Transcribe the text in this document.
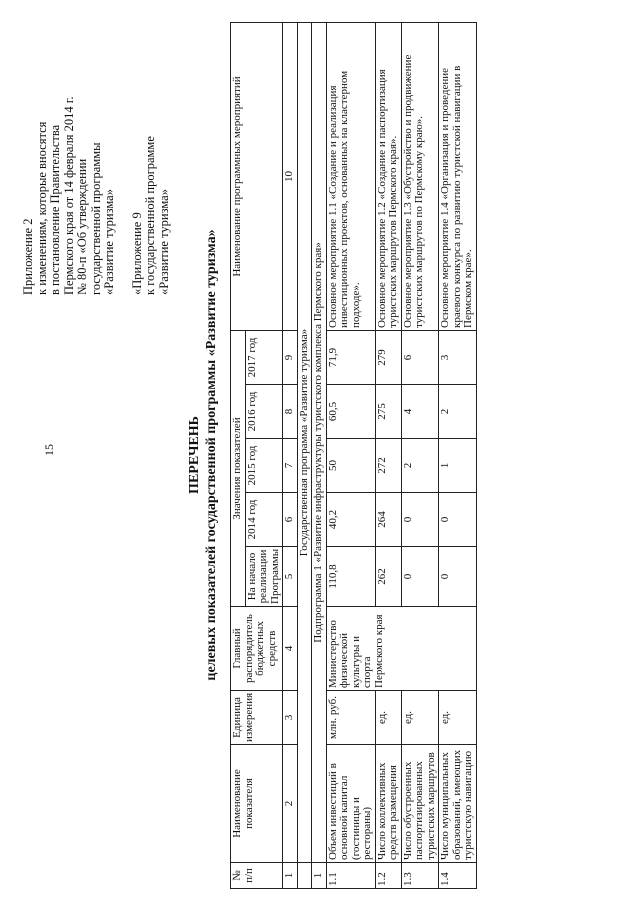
15
Приложение 2 к изменениям, которые вносятся в постановление Правительства Пермского края от 14 февраля 2014 г. № 80-п «Об утверждении государственной программы «Развитие туризма» «Приложение 9 к государственной программе «Развитие туризма»
ПЕРЕЧЕНЬ целевых показателей государственной программы «Развитие туризма»
№ п/п	Наименование показателя	Единица измерения	Главный распорядитель бюджетных средств	Значения показателей					Наименование программных мероприятий
				На начало реализации Программы	2014 год	2015 год	2016 год	2017 год	
1	2	3	4	5	6	7	8	9	10
	Государственная программа «Развитие туризма»								
1	Подпрограмма 1 «Развитие инфраструктуры туристского комплекса Пермского края»								
1.1	Объем инвестиций в основной капитал (гостиницы и рестораны)	млн. руб.	Министерство физической культуры и спорта Пермского края	110,8	40,2	50	60,5	71,9	Основное мероприятие 1.1 «Создание и реализация инвестиционных проектов, основанных на кластерном подходе».
1.2	Число коллективных средств размещения	ед.		262	264	272	275	279	Основное мероприятие 1.2 «Создание и паспортизация туристских маршрутов Пермского края».
1.3	Число обустроенных паспортизированных туристских маршрутов	ед.		0	0	2	4	6	Основное мероприятие 1.3 «Обустройство и продвижение туристских маршрутов по Пермскому краю».
1.4	Число муниципальных образований, имеющих туристскую навигацию	ед.		0	0	1	2	3	Основное мероприятие 1.4 «Организация и проведение краевого конкурса по развитию туристской навигации в Пермском крае».
